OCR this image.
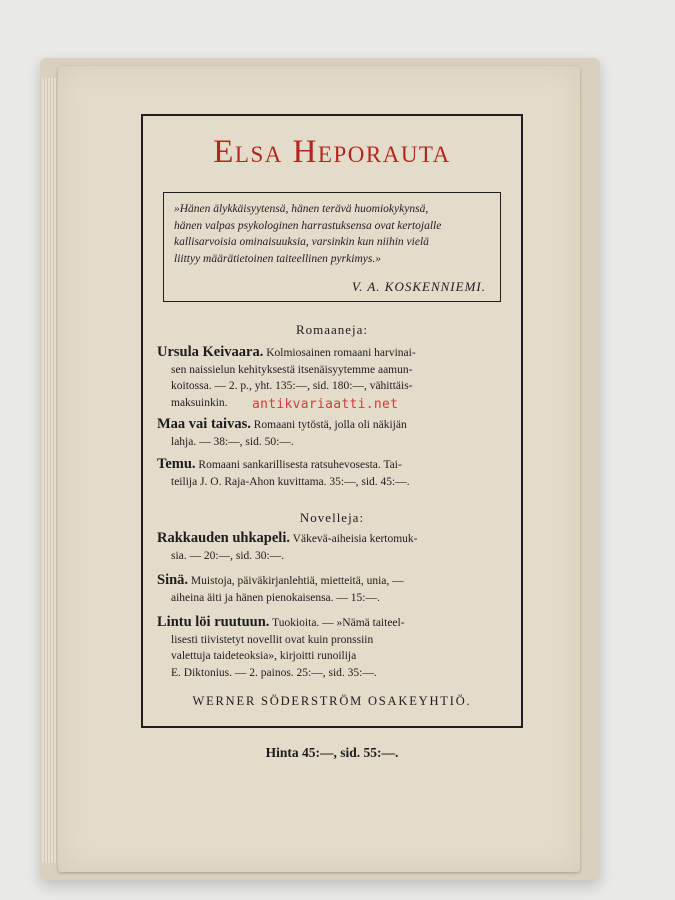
Elsa Heporauta
»Hänen älykkäisyytensä, hänen terävä huomiokykynsä,
hänen valpas psykologinen harrastuksensa ovat kertojalle
kallisarvoisia ominaisuuksia, varsinkin kun niihin vielä
liittyy määrätietoinen taiteellinen pyrkimys.»
V. A. KOSKENNIEMI.
Romaaneja:
Ursula Keivaara. Kolmiosainen romaani harvinai-
sen naissielun kehityksestä itsenäisyytemme aamun-
koitossa. — 2. p., yht. 135:—, sid. 180:—, vähittäis-
maksuinkin.
Maa vai taivas. Romaani tytöstä, jolla oli näkijän
lahja. — 38:—, sid. 50:—.
Temu. Romaani sankarillisesta ratsuhevosesta. Tai-
teilija J. O. Raja-Ahon kuvittama. 35:—, sid. 45:—.
Novelleja:
Rakkauden uhkapeli. Väkevä-aiheisia kertomuk-
sia. — 20:—, sid. 30:—.
Sinä. Muistoja, päiväkirjanlehtiä, mietteitä, unia, —
aiheina äiti ja hänen pienokaisensa. — 15:—.
Lintu löi ruutuun. Tuokioita. — »Nämä taiteel-
lisesti tiivistetyt novellit ovat kuin pronssiin
valettuja taideteoksia», kirjoitti runoilija
E. Diktonius. — 2. painos. 25:—, sid. 35:—.
WERNER SÖDERSTRÖM OSAKEYHTIÖ.
Hinta 45:—, sid. 55:—.
antikvariaatti.net
